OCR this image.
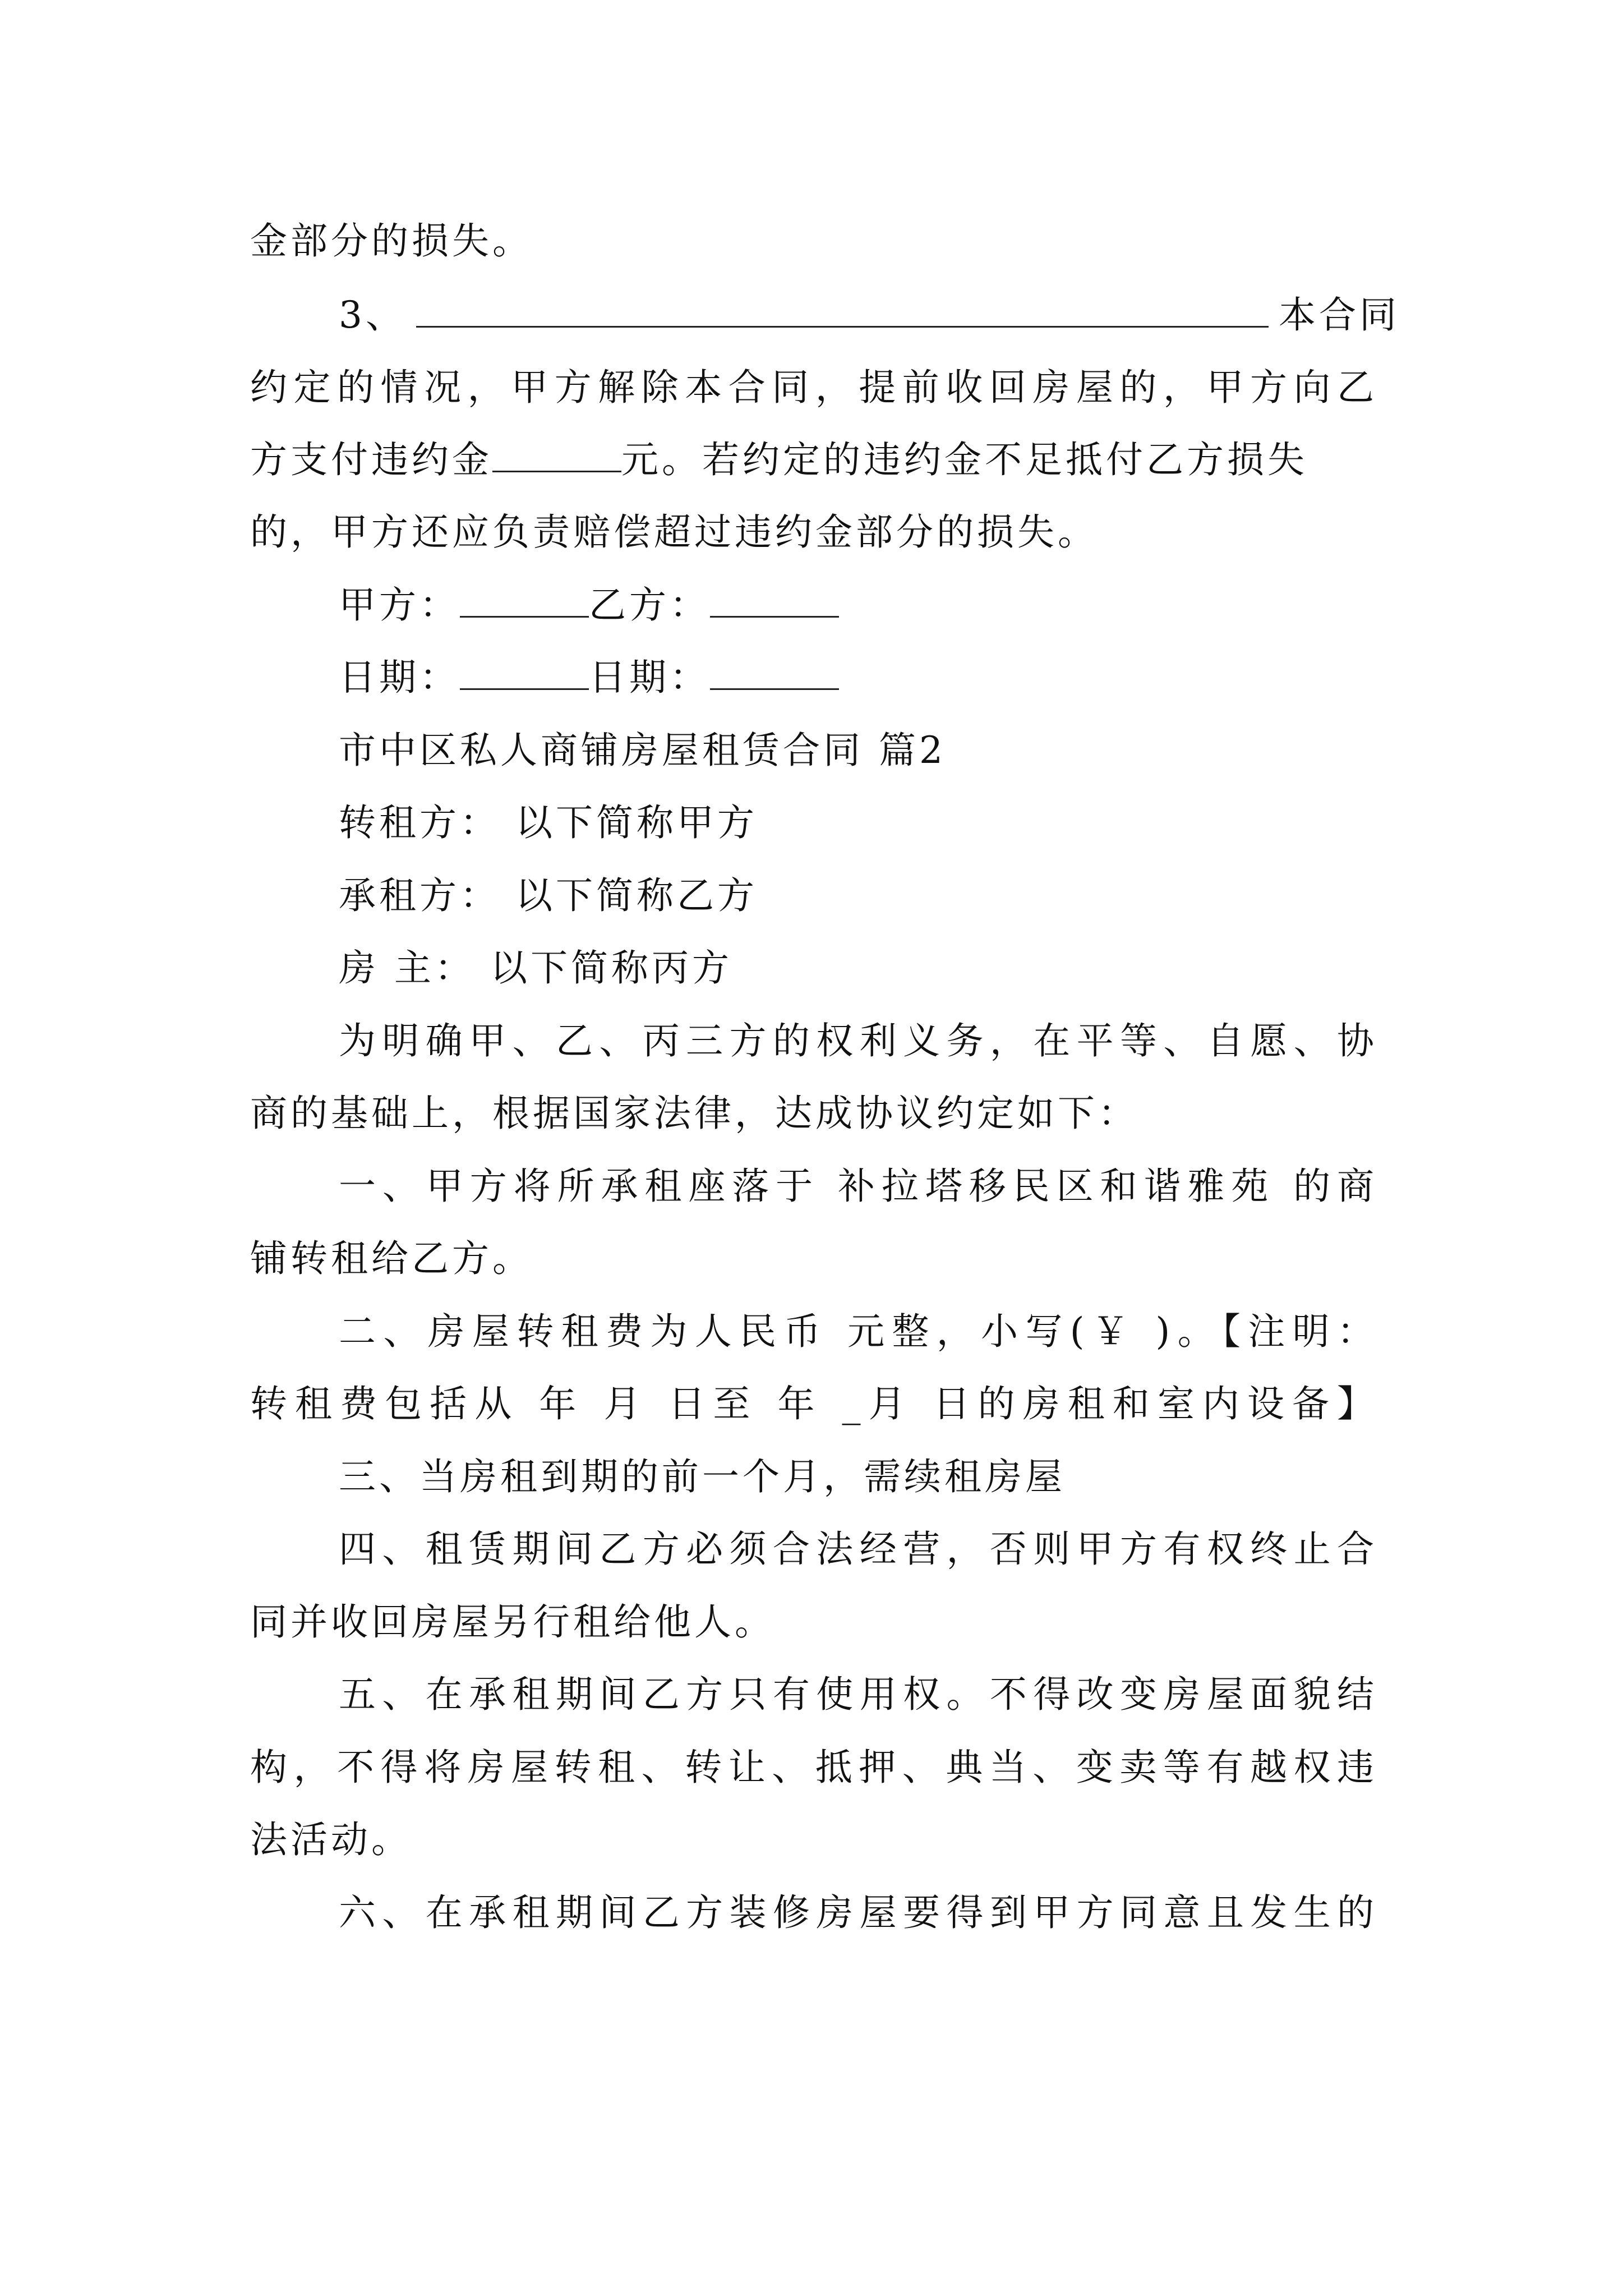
金部分的损失。
3、	本合同
约定的情况，甲方解除本合同，提前收回房屋的，甲方向乙
方支付违约金	元。若约定的违约金不足抵付乙方损失
的，甲方还应负责赔偿超过违约金部分的损失。
甲方：	乙方：
日期：	日期：
市中区私人商铺房屋租赁合同 篇2
转租方： 以下简称甲方
承租方： 以下简称乙方
房 主： 以下简称丙方
为明确甲、乙、丙三方的权利义务，在平等、自愿、协
商的基础上，根据国家法律，达成协议约定如下：
一、甲方将所承租座落于 补拉塔移民区和谐雅苑 的商
铺转租给乙方。
二、房屋转租费为人民币 元整，小写(￥ )。【注明：
转租费包括从 年 月 日至 年 _月 日的房租和室内设备】
三、当房租到期的前一个月，需续租房屋
四、租赁期间乙方必须合法经营，否则甲方有权终止合
同并收回房屋另行租给他人。
五、在承租期间乙方只有使用权。不得改变房屋面貌结
构，不得将房屋转租、转让、抵押、典当、变卖等有越权违
法活动。
六、在承租期间乙方装修房屋要得到甲方同意且发生的
